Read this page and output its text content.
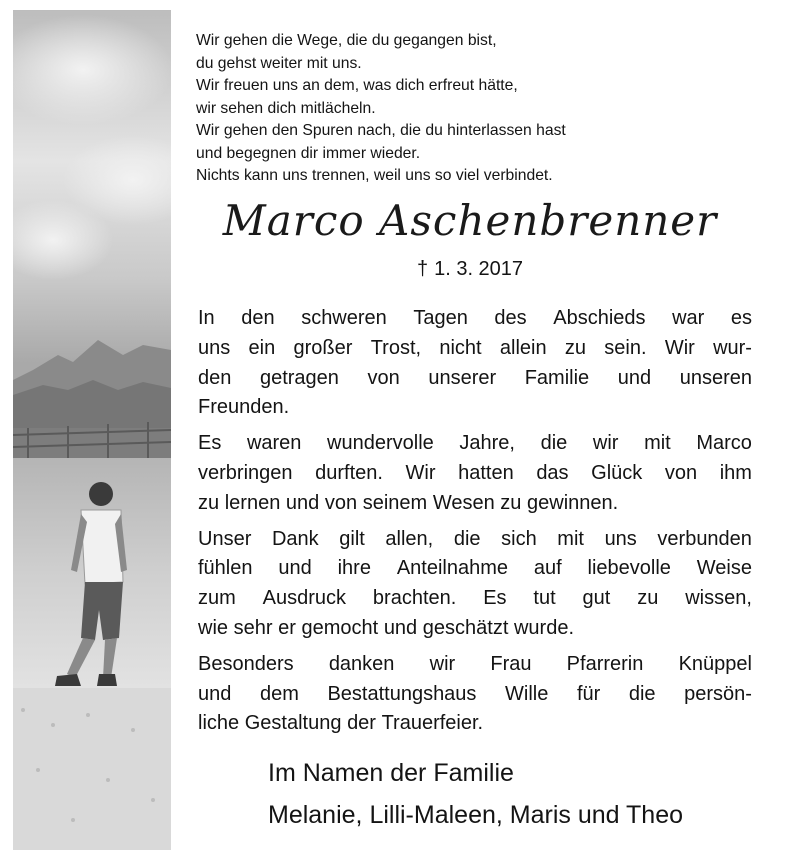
Wir gehen die Wege, die du gegangen bist,
du gehst weiter mit uns.
Wir freuen uns an dem, was dich erfreut hätte,
wir sehen dich mitlächeln.
Wir gehen den Spuren nach, die du hinterlassen hast
und begegnen dir immer wieder.
Nichts kann uns trennen, weil uns so viel verbindet.
Marco Aschenbrenner
† 1. 3. 2017
In den schweren Tagen des Abschieds war es
uns ein großer Trost, nicht allein zu sein. Wir wur-
den getragen von unserer Familie und unseren
Freunden.
Es waren wundervolle Jahre, die wir mit Marco
verbringen durften. Wir hatten das Glück von ihm
zu lernen und von seinem Wesen zu gewinnen.
Unser Dank gilt allen, die sich mit uns verbunden
fühlen und ihre Anteilnahme auf liebevolle Weise
zum Ausdruck brachten. Es tut gut zu wissen,
wie sehr er gemocht und geschätzt wurde.
Besonders danken wir Frau Pfarrerin Knüppel
und dem Bestattungshaus Wille für die persön-
liche Gestaltung der Trauerfeier.
Im Namen der Familie
Melanie, Lilli-Maleen, Maris und Theo
